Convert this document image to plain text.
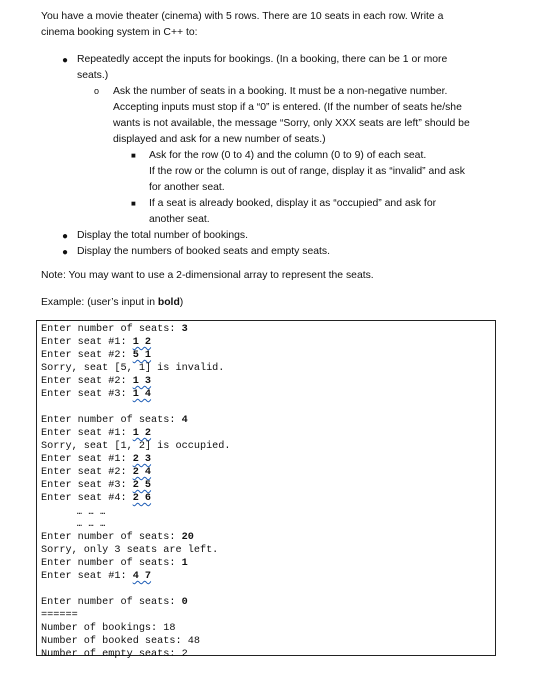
You have a movie theater (cinema) with 5 rows. There are 10 seats in each row. Write a
cinema booking system in C++ to:
● Repeatedly accept the inputs for bookings. (In a booking, there can be 1 or more
seats.)
o Ask the number of seats in a booking. It must be a non-negative number.
Accepting inputs must stop if a “0” is entered. (If the number of seats he/she
wants is not available, the message “Sorry, only XXX seats are left” should be
displayed and ask for a new number of seats.)
■ Ask for the row (0 to 4) and the column (0 to 9) of each seat.
If the row or the column is out of range, display it as “invalid” and ask
for another seat.
■ If a seat is already booked, display it as “occupied” and ask for
another seat.
● Display the total number of bookings.
● Display the numbers of booked seats and empty seats.
Note: You may want to use a 2-dimensional array to represent the seats.
Example: (user’s input in bold)
Enter number of seats: 3
Enter seat #1: 1 2
Enter seat #2: 5 1
Sorry, seat [5, 1] is invalid.
Enter seat #2: 1 3
Enter seat #3: 1 4
Enter number of seats: 4
Enter seat #1: 1 2
Sorry, seat [1, 2] is occupied.
Enter seat #1: 2 3
Enter seat #2: 2 4
Enter seat #3: 2 5
Enter seat #4: 2 6
… … …
… … …
Enter number of seats: 20
Sorry, only 3 seats are left.
Enter number of seats: 1
Enter seat #1: 4 7
Enter number of seats: 0
======
Number of bookings: 18
Number of booked seats: 48
Number of empty seats: 2
